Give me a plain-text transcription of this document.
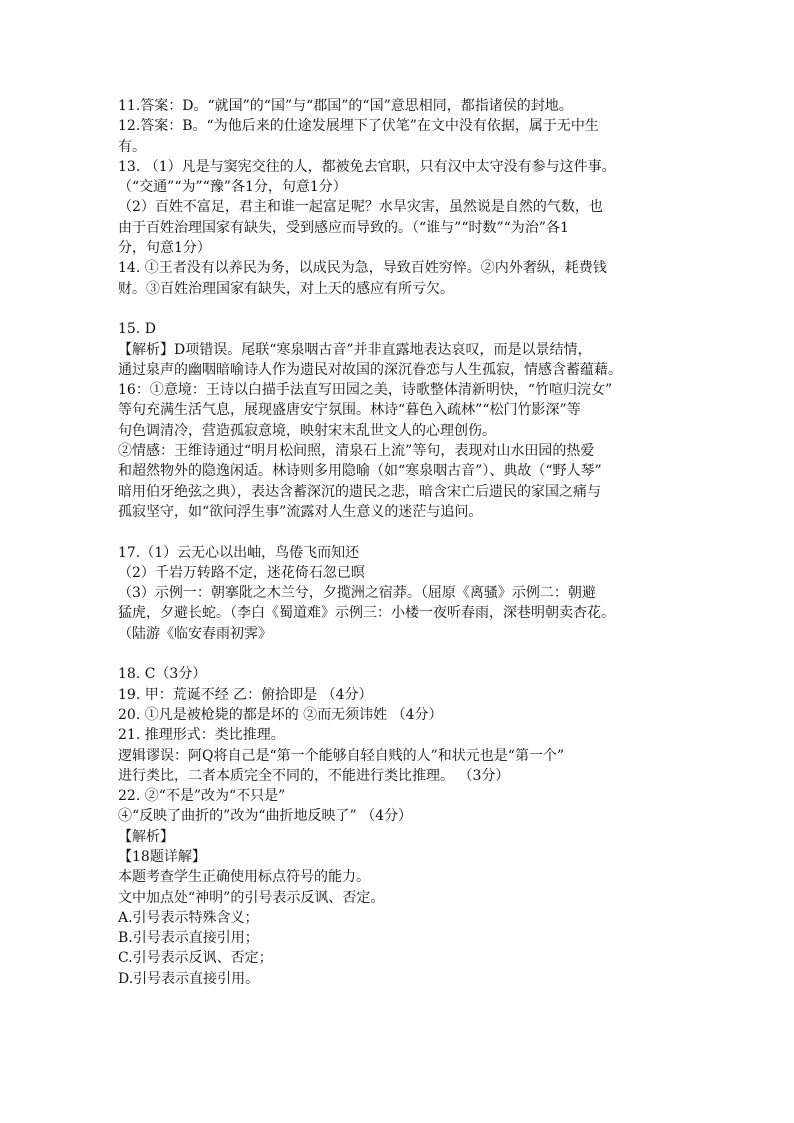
11.答案：D。“就国”的“国”与“郡国”的“国”意思相同，都指诸侯的封地。
12.答案：B。“为他后来的仕途发展埋下了伏笔”在文中没有依据，属于无中生
有。
13. （1）凡是与窦宪交往的人，都被免去官职，只有汉中太守没有参与这件事。
（“交通”“为”“豫”各1分，句意1分）
（2）百姓不富足，君主和谁一起富足呢？水旱灾害，虽然说是自然的气数，也
由于百姓治理国家有缺失，受到感应而导致的。（“谁与”“时数”“为治”各1
分，句意1分）
14. ①王者没有以养民为务，以成民为急，导致百姓穷悴。②内外奢纵，耗费钱
财。③百姓治理国家有缺失，对上天的感应有所亏欠。
15. D
【解析】D项错误。尾联“寒泉咽古音”并非直露地表达哀叹，而是以景结情，
通过泉声的幽咽暗喻诗人作为遗民对故国的深沉眷恋与人生孤寂，情感含蓄蕴藉。
16：①意境：王诗以白描手法直写田园之美，诗歌整体清新明快，“竹喧归浣女”
等句充满生活气息，展现盛唐安宁氛围。林诗“暮色入疏林”“松门竹影深”等
句色调清冷，营造孤寂意境，映射宋末乱世文人的心理创伤。
②情感：王维诗通过“明月松间照，清泉石上流”等句，表现对山水田园的热爱
和超然物外的隐逸闲适。林诗则多用隐喻（如“寒泉咽古音”）、典故（“野人琴”
暗用伯牙绝弦之典），表达含蓄深沉的遗民之悲，暗含宋亡后遗民的家国之痛与
孤寂坚守，如“欲问浮生事”流露对人生意义的迷茫与追问。
17.（1）云无心以出岫，鸟倦飞而知还
（2）千岩万转路不定，迷花倚石忽已暝
（3）示例一：朝搴阰之木兰兮，夕揽洲之宿莽。（屈原《离骚》示例二：朝避
猛虎，夕避长蛇。（李白《蜀道难》示例三：小楼一夜听春雨，深巷明朝卖杏花。
（陆游《临安春雨初霁》
18. C（3分）
19. 甲：荒诞不经 乙：俯拾即是 （4分）
20. ①凡是被枪毙的都是坏的 ②而无须讳姓 （4分）
21. 推理形式：类比推理。
逻辑谬误：阿Q将自己是“第一个能够自轻自贱的人”和状元也是“第一个”
进行类比，二者本质完全不同的，不能进行类比推理。 （3分）
22. ②“不是”改为“不只是”
④“反映了曲折的”改为“曲折地反映了” （4分）
【解析】
【18题详解】
本题考查学生正确使用标点符号的能力。
文中加点处“神明”的引号表示反讽、否定。
A.引号表示特殊含义；
B.引号表示直接引用；
C.引号表示反讽、否定；
D.引号表示直接引用。
